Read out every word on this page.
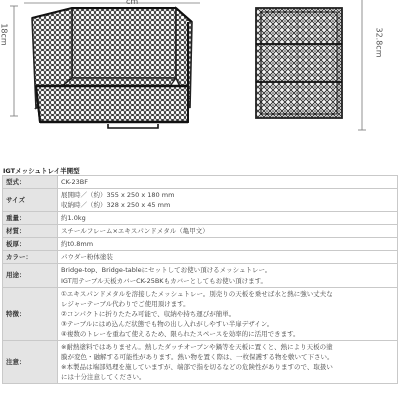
cm
18cm	32.8cm
IGTメッシュトレイ半開型
型式：	CK-23BF

サイズ	展開時／（約）355 x 250 x 180 mm
収納時／（約）328 x 250 x 45 mm

重量：	約1.0kg

材質：	スチールフレーム×エキスパンドメタル（亀甲文）

板厚：	約t0.8mm

カラー：	パウダー粉体塗装

用途：	Bridge-top、Bridge-tableにセットしてお使い頂けるメッシュトレー。
IGT用テーブル天板カバーCK-25BKもカバーとしてもお使い頂けます。

特徴：	①エキスパンドメタルを溶接したメッシュトレー。別売りの天板を乗せば水と熱に強い丈夫な
レジャーテーブル代わりでご使用頂けます。
②コンパクトに折りたたみ可能で、収納や持ち運びが簡単。
③テーブルにはめ込んだ状態でも物の出し入れがしやすい半扉デザイン。
④複数のトレーを重ねて使えるため、限られたスペースを効率的に活用できます。

注意：	※耐熱塗料ではありません。熱したダッチオーブンや鍋等を天板に置くと、熱により天板の塗
膜が変色・融解する可能性があります。熱い物を置く際は、一枚保護する物を敷いて下さい。
※本製品は端部処理を施していますが、端部で指を切るなどの危険性がありますので、取扱い
には十分注意してください。
